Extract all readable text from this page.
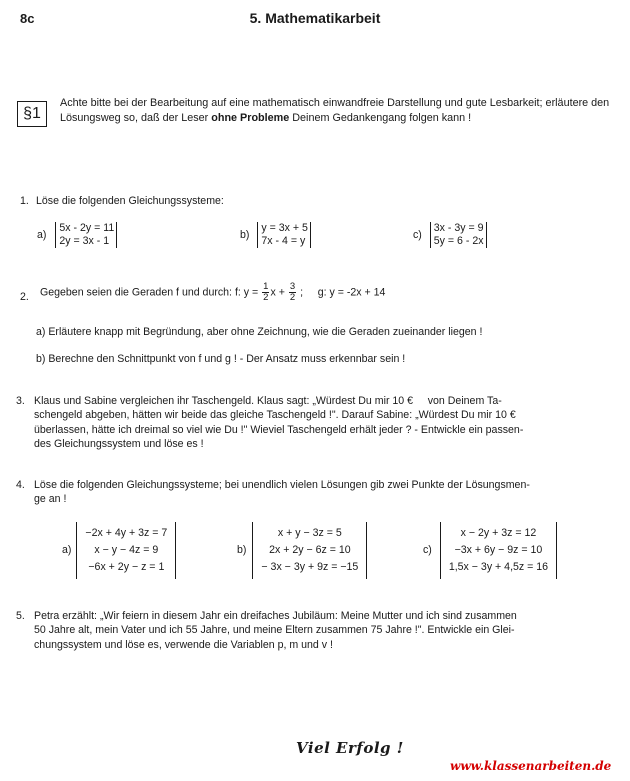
8c	5. Mathematikarbeit
§1
Achte bitte bei der Bearbeitung auf eine mathematisch einwandfreie Darstellung und gute Lesbarkeit; erläutere den Lösungsweg so, daß der Leser ohne Probleme Deinem Gedankengang folgen kann !
1. Löse die folgenden Gleichungssysteme:
a) 5x - 2y = 11
2y = 3x - 1
b) y = 3x + 5
7x - 4 = y
c) 3x - 3y = 9
5y = 6 - 2x
2. Gegeben seien die Geraden f und durch: f: $y = \frac{1}{2}$ $x + \frac{3}{2}$ ;     g: y = -2x + 14
a) Erläutere knapp mit Begründung, aber ohne Zeichnung, wie die Geraden zueinander liegen !
b) Berechne den Schnittpunkt von f und g ! - Der Ansatz muss erkennbar sein !
3. Klaus und Sabine vergleichen ihr Taschengeld. Klaus sagt: „Würdest Du mir 10 €     von Deinem Ta-
schengeld abgeben, hätten wir beide das gleiche Taschengeld !". Darauf Sabine: „Würdest Du mir 10 €
überlassen, hätte ich dreimal so viel wie Du !" Wieviel Taschengeld erhält jeder ? - Entwickle ein passen-
des Gleichungssystem und löse es !
4. Löse die folgenden Gleichungssysteme; bei unendlich vielen Lösungen gib zwei Punkte der Lösungsmen-
ge an !
a)
−2x + 4y + 3z = 7
x − y − 4z = 9
−6x + 2y − z = 1
b)
x + y − 3z = 5
2x + 2y − 6z = 10
− 3x − 3y + 9z = −15
c)
x − 2y + 3z = 12
−3x + 6y − 9z = 10
1,5x − 3y + 4,5z = 16
5. Petra erzählt: „Wir feiern in diesem Jahr ein dreifaches Jubiläum: Meine Mutter und ich sind zusammen
50 Jahre alt, mein Vater und ich 55 Jahre, und meine Eltern zusammen 75 Jahre !". Entwickle ein Glei-
chungssystem und löse es, verwende die Variablen p, m und v !
Viel Erfolg !
www.klassenarbeiten.de
